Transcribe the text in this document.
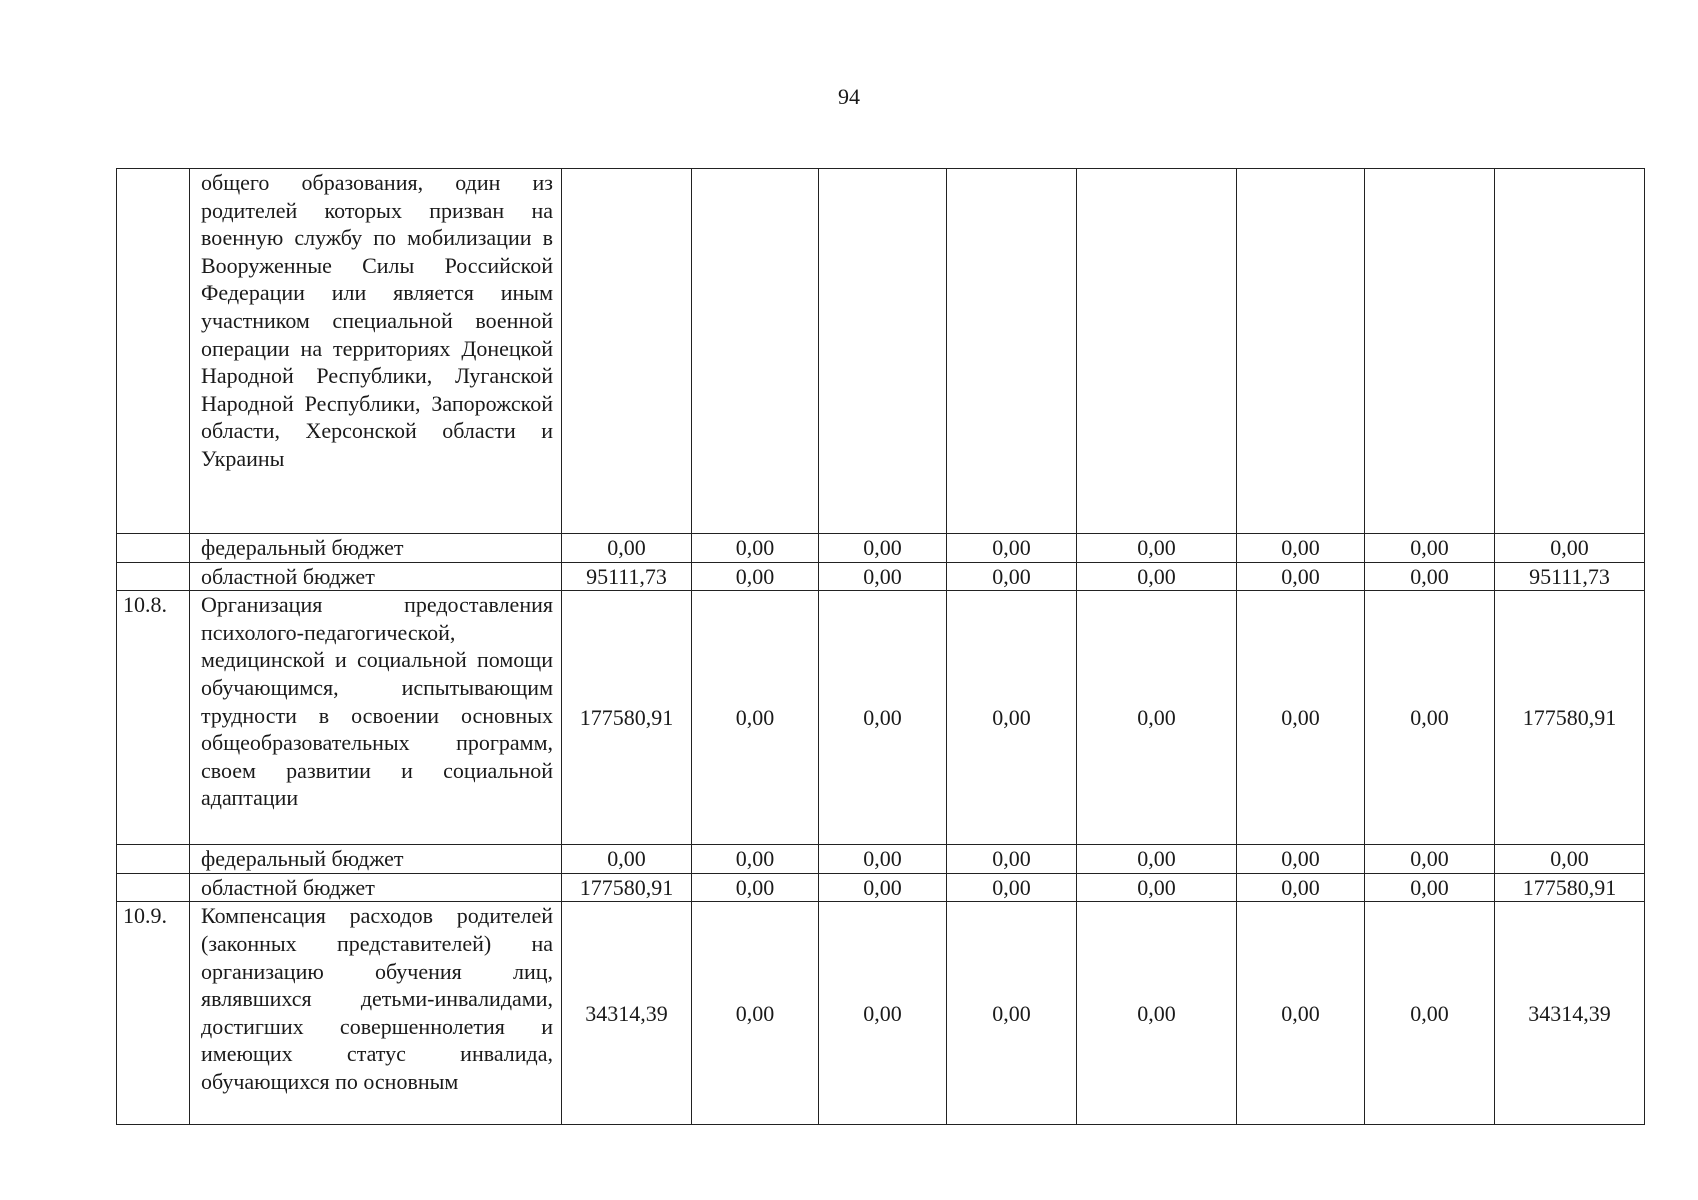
94
	общего образования, один из родителей которых призван на военную службу по мобилизации в Вооруженные Силы Российской Федерации или является иным участником специальной военной операции на территориях Донецкой Народной Республики, Луганской Народной Республики, Запорожской области, Херсонской области и Украины								
	федеральный бюджет	0,00	0,00	0,00	0,00	0,00	0,00	0,00	0,00
	областной бюджет	95111,73	0,00	0,00	0,00	0,00	0,00	0,00	95111,73
10.8.	Организация предоставления психолого-педагогической, медицинской и социальной помощи обучающимся, испытывающим трудности в освоении основных общеобразовательных программ, своем развитии и социальной адаптации	177580,91	0,00	0,00	0,00	0,00	0,00	0,00	177580,91
	федеральный бюджет	0,00	0,00	0,00	0,00	0,00	0,00	0,00	0,00
	областной бюджет	177580,91	0,00	0,00	0,00	0,00	0,00	0,00	177580,91
10.9.	Компенсация расходов родителей (законных представителей) на организацию обучения лиц, являвшихся детьми-инвалидами, достигших совершеннолетия и имеющих статус инвалида, обучающихся по основным	34314,39	0,00	0,00	0,00	0,00	0,00	0,00	34314,39
